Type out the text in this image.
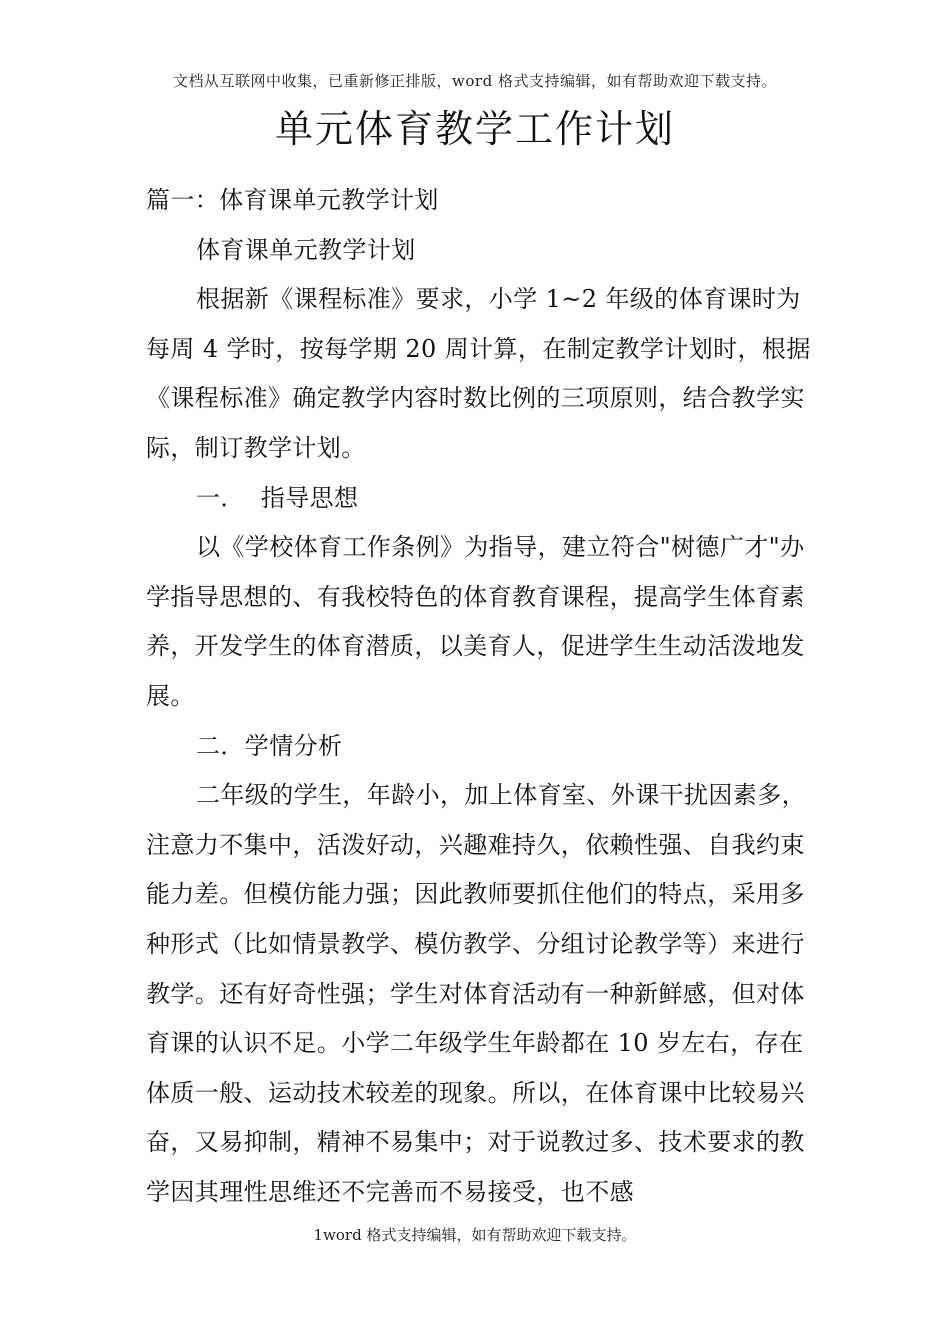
文档从互联网中收集，已重新修正排版，word 格式支持编辑，如有帮助欢迎下载支持。
单元体育教学工作计划

篇一：体育课单元教学计划

体育课单元教学计划

根据新《课程标准》要求，小学 1~2 年级的体育课时为每周 4 学时，按每学期 20 周计算，在制定教学计划时，根据《课程标准》确定教学内容时数比例的三项原则，结合教学实际，制订教学计划。

一．  指导思想

以《学校体育工作条例》为指导，建立符合"树德广才"办学指导思想的、有我校特色的体育教育课程，提高学生体育素养，开发学生的体育潜质，以美育人，促进学生生动活泼地发展。

二．学情分析

二年级的学生，年龄小，加上体育室、外课干扰因素多，注意力不集中，活泼好动，兴趣难持久，依赖性强、自我约束能力差。但模仿能力强；因此教师要抓住他们的特点，采用多种形式（比如情景教学、模仿教学、分组讨论教学等）来进行教学。还有好奇性强；学生对体育活动有一种新鲜感，但对体育课的认识不足。小学二年级学生年龄都在 10 岁左右，存在体质一般、运动技术较差的现象。所以，在体育课中比较易兴奋，又易抑制，精神不易集中；对于说教过多、技术要求的教学因其理性思维还不完善而不易接受，也不感

1word 格式支持编辑，如有帮助欢迎下载支持。
